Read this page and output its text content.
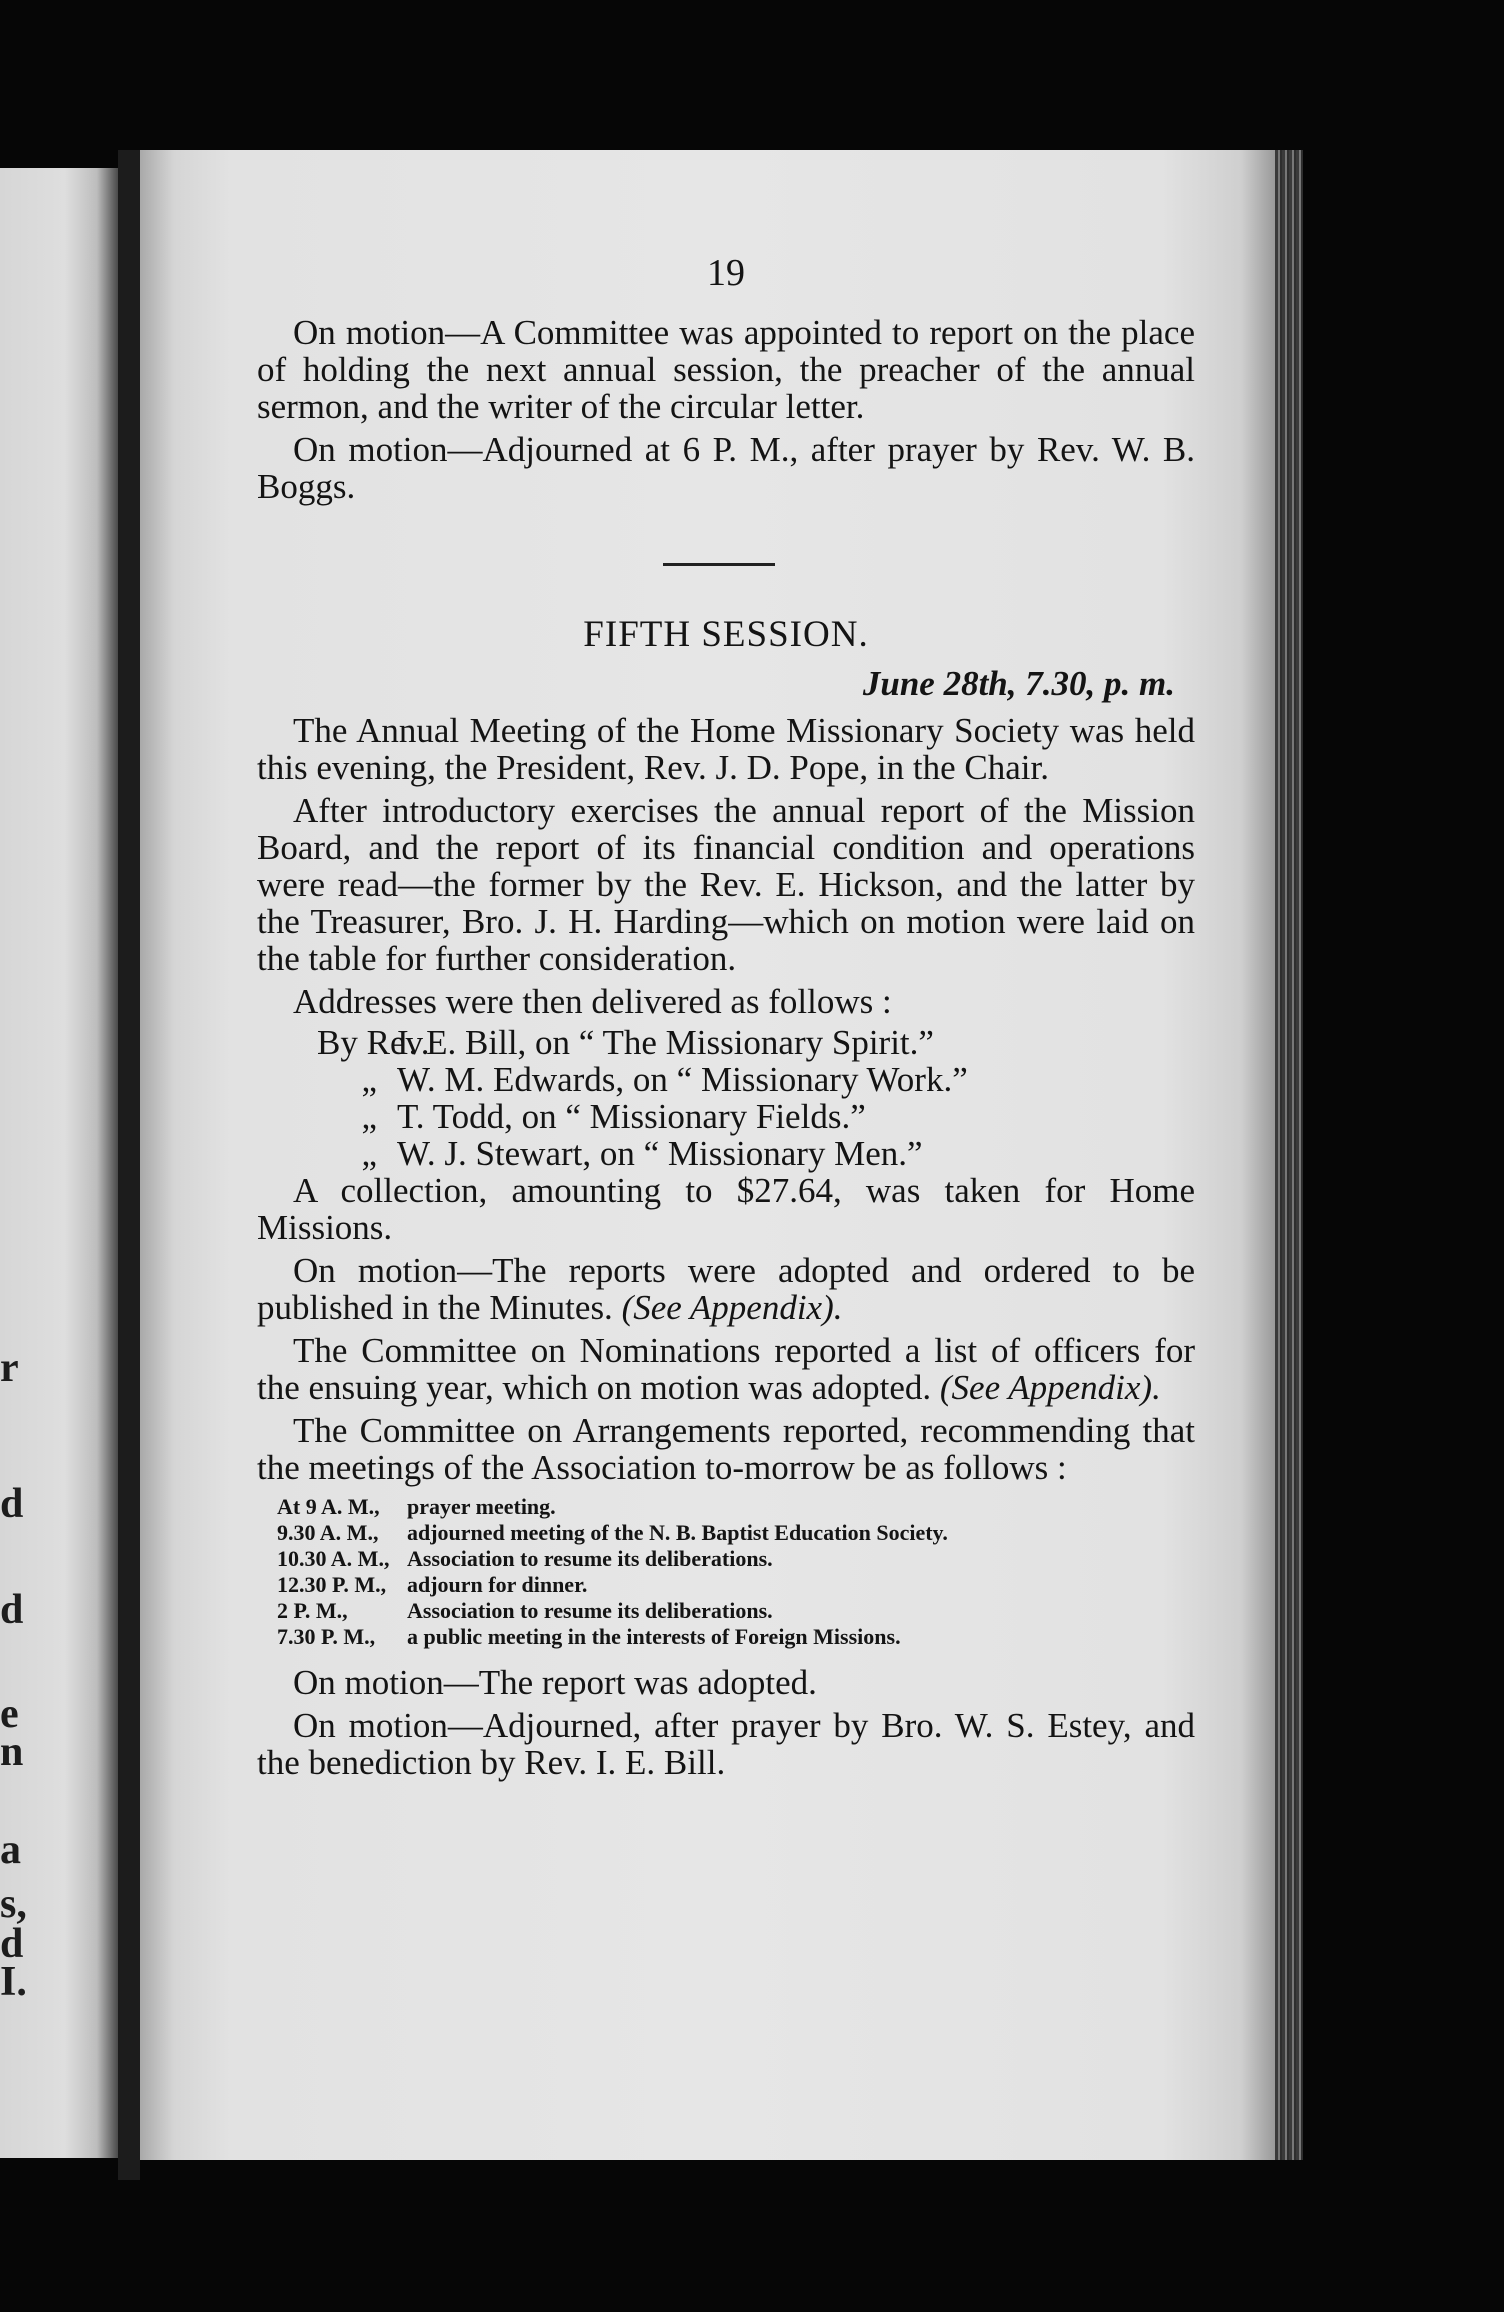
r
d
d
e
n
a
s,
d
I.
19

On motion—A Committee was appointed to report on the place of holding the next annual session, the preacher of the annual sermon, and the writer of the circular letter.

On motion—Adjourned at 6 P. M., after prayer by Rev. W. B. Boggs.

FIFTH SESSION.
June 28th, 7.30, p. m.

The Annual Meeting of the Home Missionary Society was held this evening, the President, Rev. J. D. Pope, in the Chair.

After introductory exercises the annual report of the Mission Board, and the report of its financial condition and operations were read—the former by the Rev. E. Hickson, and the latter by the Treasurer, Bro. J. H. Harding—which on motion were laid on the table for further consideration.

Addresses were then delivered as follows :

By Rev.
I. E. Bill, on “ The Missionary Spirit.”
„ W. M. Edwards, on “ Missionary Work.”
„ T. Todd, on “ Missionary Fields.”
„ W. J. Stewart, on “ Missionary Men.”

A collection, amounting to $27.64, was taken for Home Missions.

On motion—The reports were adopted and ordered to be published in the Minutes. (See Appendix).

The Committee on Nominations reported a list of officers for the ensuing year, which on motion was adopted. (See Appendix).

The Committee on Arrangements reported, recommending that the meetings of the Association to-morrow be as follows :

At 9 A. M.,	prayer meeting.
9.30 A. M.,	adjourned meeting of the N. B. Baptist Education Society.
10.30 A. M., Association to resume its deliberations.
12.30 P. M., adjourn for dinner.
2 P. M.,	Association to resume its deliberations.
7.30 P. M.,	a public meeting in the interests of Foreign Missions.

On motion—The report was adopted.

On motion—Adjourned, after prayer by Bro. W. S. Estey, and the benediction by Rev. I. E. Bill.
